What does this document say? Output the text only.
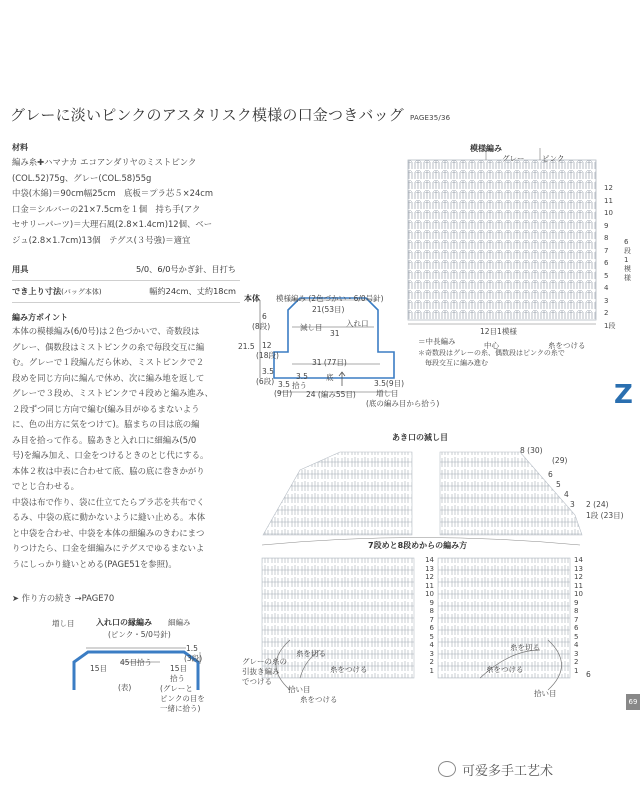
グレーに淡いピンクのアスタリスク模様の口金つきバッグ PAGE35/36
材料
編み糸✚ハマナカ エコアンダリヤのミストピンク
(COL.52)75g、グレー(COL.58)55g
中袋(木綿)＝90cm幅25cm　底板＝プラ芯５×24cm
口金＝シルバーの21×7.5cmを１個　持ち手(アク
セサリーパーツ)＝大理石風(2.8×1.4cm)12個、ベー
ジュ(2.8×1.7cm)13個　テグス(３号強)＝適宜
用具	5/0、6/0号かぎ針、目打ち
でき上り寸法(バッグ本体)	幅約24cm、丈約18cm
編み方ポイント
本体の模様編み(6/0号)は２色づかいで、奇数段は
グレー、偶数段はミストピンクの糸で毎段交互に編
む。グレーで１段編んだら休め、ミストピンクで２
段めを同じ方向に編んで休め、次に編み地を返して
グレーで３段め、ミストピンクで４段めと編み進み、
２段ずつ同じ方向で編む(編み目がゆるまないよう
に、色の出方に気をつけて)。脇まちの目は底の編
み目を拾って作る。脇あきと入れ口に細編み(5/0
号)を編み加え、口金をつけるときのとじ代にする。
本体２枚は中表に合わせて底、脇の底に巻きかがり
でとじ合わせる。
中袋は布で作り、袋に仕立てたらプラ芯を共布でく
るみ、中袋の底に動かないように縫い止める。本体
と中袋を合わせ、中袋を本体の細編みのきわにまつ
りつけたら、口金を細編みにテグスでゆるまないよ
うにしっかり縫いとめる(PAGE51を参照)。
➤ 作り方の続き →PAGE70
模様編み
グレー ピンク
12
11
10
9
8
7
6
5
4
3
2
1段
6段1模様
12目1模様
＝中長編み	中心	糸をつける
＊奇数段はグレーの糸、偶数段はピンクの糸で
　毎段交互に編み進む
本体 模様編み (2色づかい・6/0号針)
21(53目)
減し目	入れ口
31
6
(8段)
21.5 12
(18段)
31 (77目)
3.5
(6段) 3.5
3.5 底
3.5(9目)
(9目)
拾う
24 (編み55目)	増し目
(底の編み目から拾う)
あき口の減し目
8 (30)
(29)
6
5
4
3 2 (24)
1段 (23目)
7段めと8段めからの編み方
14
13
12
11
10
9
8
7
6
5
4
3
2
1
14
13
12
11
10
9
8
7
6
5
4
3
2
1
糸を切る
糸を切る
グレーの糸の
引抜き編み
でつける
糸をつける	糸をつける
糸をつける
拾い目	拾い目
6
増し目	入れ口の縁編み 細編み
(ピンク・5/0号針)
1.5
(3段)
45目拾う
15目	15目
拾う
(表)	(グレーと
ピンクの目を
一緒に拾う)
Z
69
可爱多手工艺术
